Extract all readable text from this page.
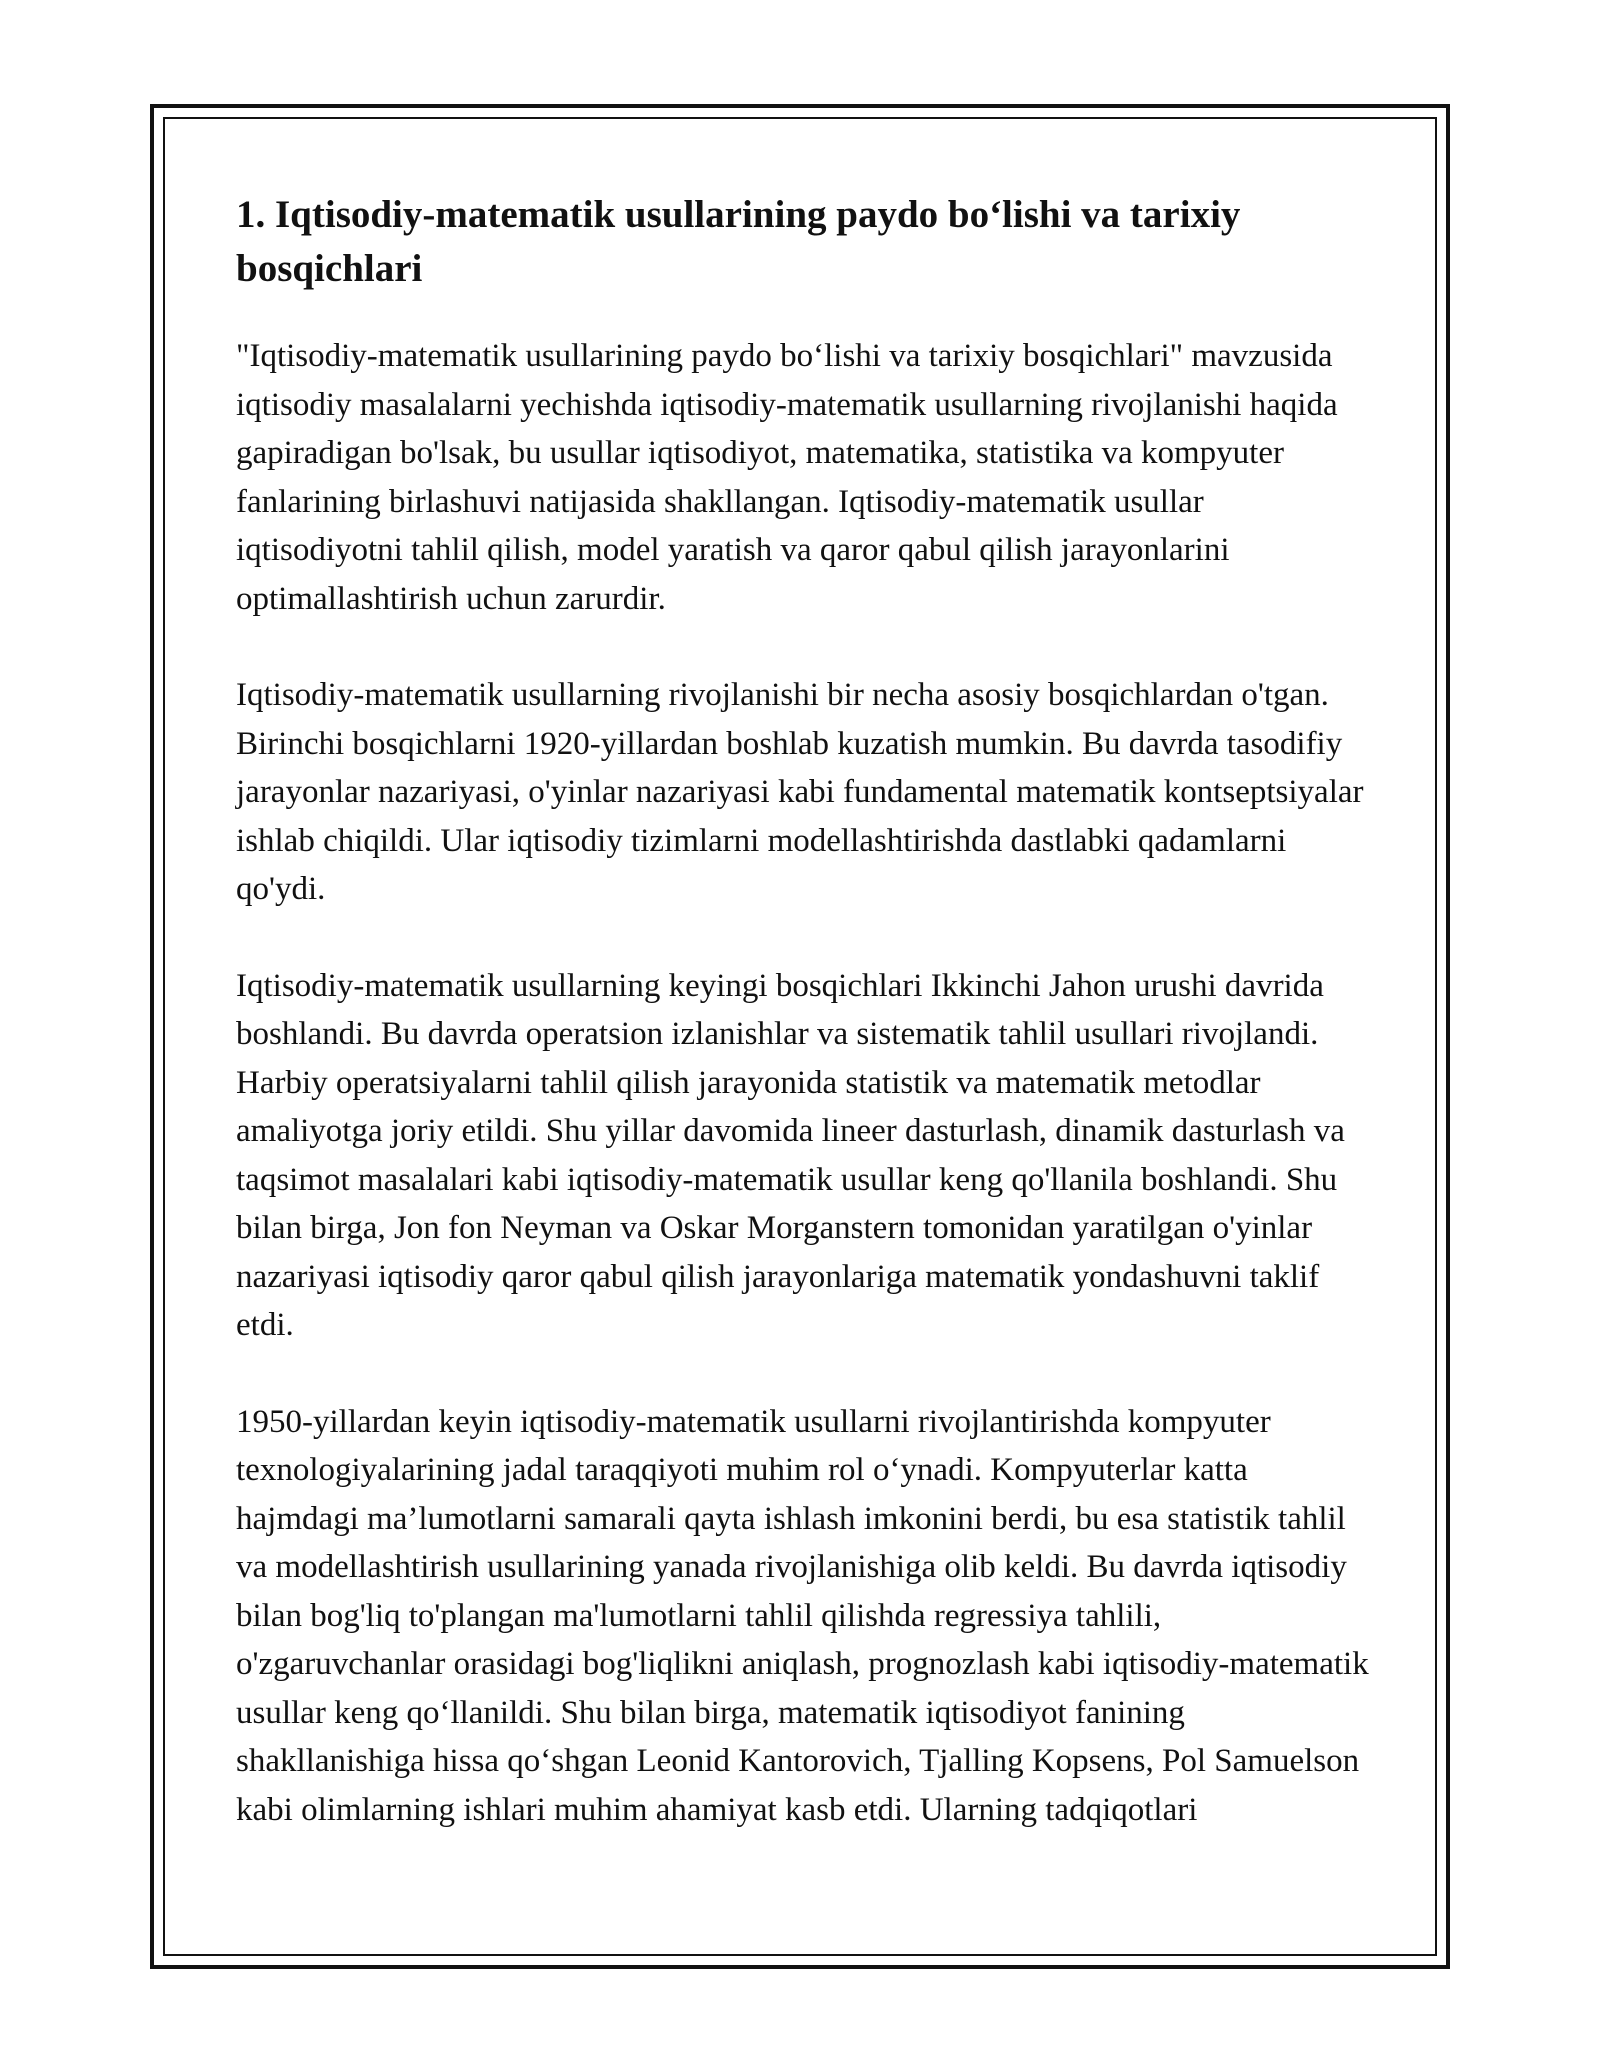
1. Iqtisodiy-matematik usullarining paydo bo‘lishi va tarixiy bosqichlari

"Iqtisodiy-matematik usullarining paydo bo‘lishi va tarixiy bosqichlari" mavzusida iqtisodiy masalalarni yechishda iqtisodiy-matematik usullarning rivojlanishi haqida gapiradigan bo'lsak, bu usullar iqtisodiyot, matematika, statistika va kompyuter fanlarining birlashuvi natijasida shakllangan. Iqtisodiy-matematik usullar iqtisodiyotni tahlil qilish, model yaratish va qaror qabul qilish jarayonlarini optimallashtirish uchun zarurdir.

Iqtisodiy-matematik usullarning rivojlanishi bir necha asosiy bosqichlardan o'tgan. Birinchi bosqichlarni 1920-yillardan boshlab kuzatish mumkin. Bu davrda tasodifiy jarayonlar nazariyasi, o'yinlar nazariyasi kabi fundamental matematik kontseptsiyalar ishlab chiqildi. Ular iqtisodiy tizimlarni modellashtirishda dastlabki qadamlarni qo'ydi.

Iqtisodiy-matematik usullarning keyingi bosqichlari Ikkinchi Jahon urushi davrida boshlandi. Bu davrda operatsion izlanishlar va sistematik tahlil usullari rivojlandi. Harbiy operatsiyalarni tahlil qilish jarayonida statistik va matematik metodlar amaliyotga joriy etildi. Shu yillar davomida lineer dasturlash, dinamik dasturlash va taqsimot masalalari kabi iqtisodiy-matematik usullar keng qo'llanila boshlandi. Shu bilan birga, Jon fon Neyman va Oskar Morganstern tomonidan yaratilgan o'yinlar nazariyasi iqtisodiy qaror qabul qilish jarayonlariga matematik yondashuvni taklif etdi.

1950-yillardan keyin iqtisodiy-matematik usullarni rivojlantirishda kompyuter texnologiyalarining jadal taraqqiyoti muhim rol o‘ynadi. Kompyuterlar katta hajmdagi ma’lumotlarni samarali qayta ishlash imkonini berdi, bu esa statistik tahlil va modellashtirish usullarining yanada rivojlanishiga olib keldi. Bu davrda iqtisodiy bilan bog'liq to'plangan ma'lumotlarni tahlil qilishda regressiya tahlili, o'zgaruvchanlar orasidagi bog'liqlikni aniqlash, prognozlash kabi iqtisodiy-matematik usullar keng qo‘llanildi. Shu bilan birga, matematik iqtisodiyot fanining shakllanishiga hissa qo‘shgan Leonid Kantorovich, Tjalling Kopsens, Pol Samuelson kabi olimlarning ishlari muhim ahamiyat kasb etdi. Ularning tadqiqotlari
